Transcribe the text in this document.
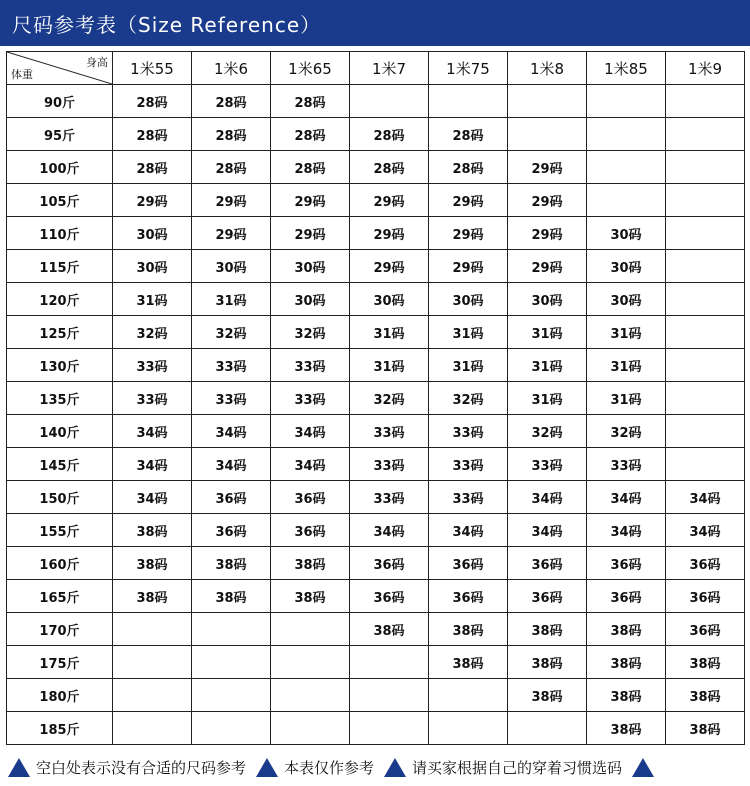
尺码参考表（Size Reference）
身高
体重	1米55	1米6	1米65	1米7	1米75	1米8	1米85	1米9
90斤	28码	28码	28码					
95斤	28码	28码	28码	28码	28码			
100斤	28码	28码	28码	28码	28码	29码		
105斤	29码	29码	29码	29码	29码	29码		
110斤	30码	29码	29码	29码	29码	29码	30码	
115斤	30码	30码	30码	29码	29码	29码	30码	
120斤	31码	31码	30码	30码	30码	30码	30码	
125斤	32码	32码	32码	31码	31码	31码	31码	
130斤	33码	33码	33码	31码	31码	31码	31码	
135斤	33码	33码	33码	32码	32码	31码	31码	
140斤	34码	34码	34码	33码	33码	32码	32码	
145斤	34码	34码	34码	33码	33码	33码	33码	
150斤	34码	36码	36码	33码	33码	34码	34码	34码
155斤	38码	36码	36码	34码	34码	34码	34码	34码
160斤	38码	38码	38码	36码	36码	36码	36码	36码
165斤	38码	38码	38码	36码	36码	36码	36码	36码
170斤				38码	38码	38码	38码	36码
175斤					38码	38码	38码	38码
180斤						38码	38码	38码
185斤							38码	38码
空白处表示没有合适的尺码参考	本表仅作参考	请买家根据自己的穿着习惯选码
